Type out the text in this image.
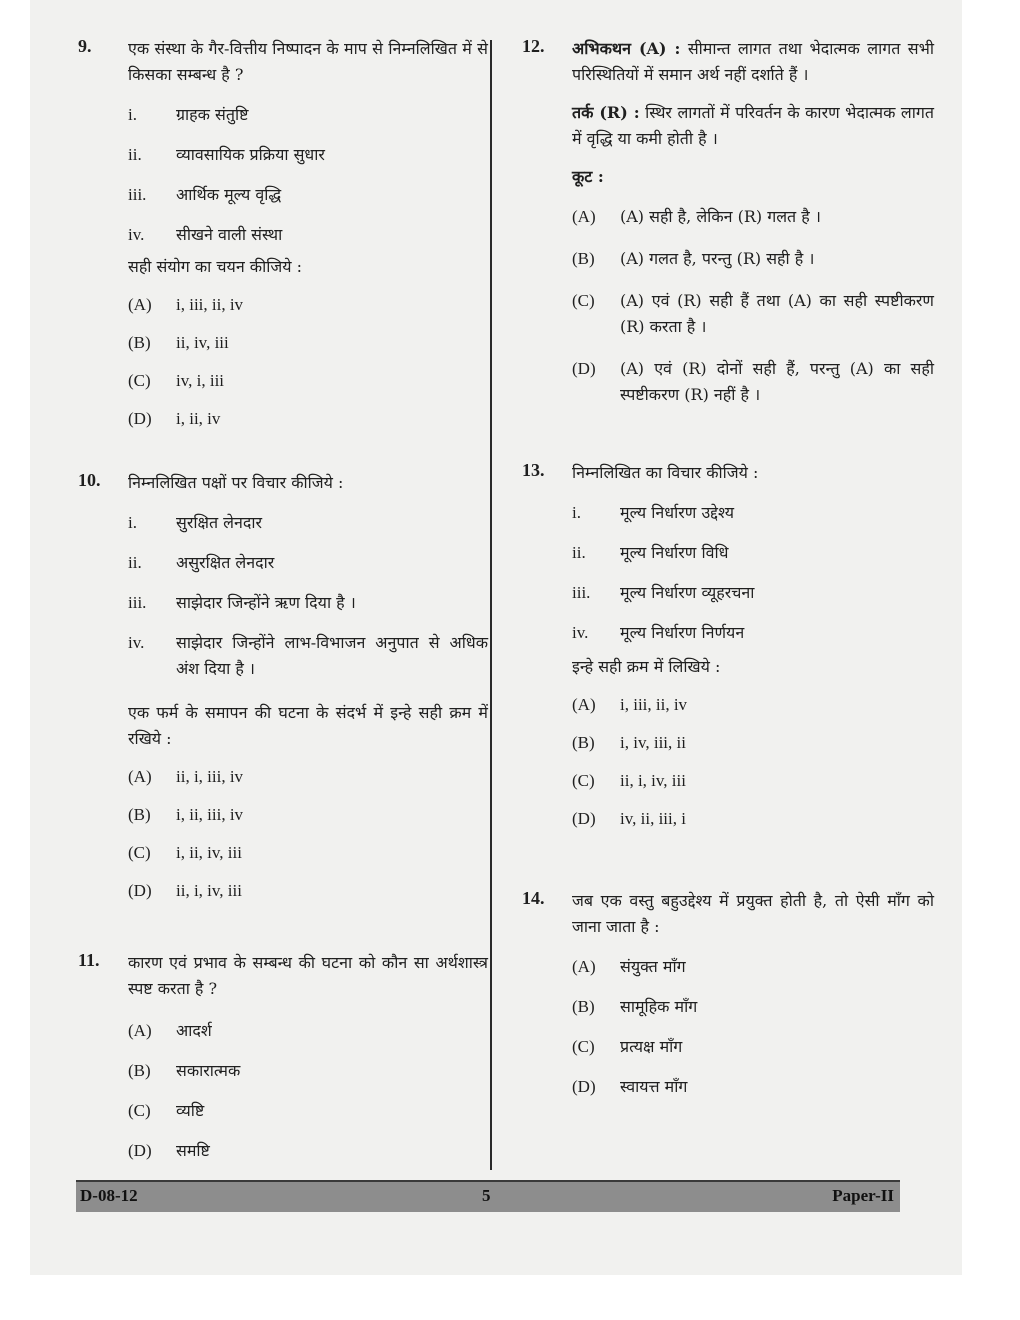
9. एक संस्था के गैर-वित्तीय निष्पादन के माप से निम्नलिखित में से किसका सम्बन्ध है ?
i. ग्राहक संतुष्टि
ii. व्यावसायिक प्रक्रिया सुधार
iii. आर्थिक मूल्य वृद्धि
iv. सीखने वाली संस्था
सही संयोग का चयन कीजिये :
(A) i, iii, ii, iv
(B) ii, iv, iii
(C) iv, i, iii
(D) i, ii, iv
10. निम्नलिखित पक्षों पर विचार कीजिये :
i. सुरक्षित लेनदार
ii. असुरक्षित लेनदार
iii. साझेदार जिन्होंने ऋण दिया है ।
iv. साझेदार जिन्होंने लाभ-विभाजन अनुपात से अधिक अंश दिया है ।
एक फर्म के समापन की घटना के संदर्भ में इन्हे सही क्रम में रखिये :
(A) ii, i, iii, iv
(B) i, ii, iii, iv
(C) i, ii, iv, iii
(D) ii, i, iv, iii
11. कारण एवं प्रभाव के सम्बन्ध की घटना को कौन सा अर्थशास्त्र स्पष्ट करता है ?
(A) आदर्श
(B) सकारात्मक
(C) व्यष्टि
(D) समष्टि
12. अभिकथन (A) : सीमान्त लागत तथा भेदात्मक लागत सभी परिस्थितियों में समान अर्थ नहीं दर्शाते हैं ।
तर्क (R) : स्थिर लागतों में परिवर्तन के कारण भेदात्मक लागत में वृद्धि या कमी होती है ।
कूट :
(A) (A) सही है, लेकिन (R) गलत है ।
(B) (A) गलत है, परन्तु (R) सही है ।
(C) (A) एवं (R) सही हैं तथा (A) का सही स्पष्टीकरण (R) करता है ।
(D) (A) एवं (R) दोनों सही हैं, परन्तु (A) का सही स्पष्टीकरण (R) नहीं है ।
13. निम्नलिखित का विचार कीजिये :
i. मूल्य निर्धारण उद्देश्य
ii. मूल्य निर्धारण विधि
iii. मूल्य निर्धारण व्यूहरचना
iv. मूल्य निर्धारण निर्णयन
इन्हे सही क्रम में लिखिये :
(A) i, iii, ii, iv
(B) i, iv, iii, ii
(C) ii, i, iv, iii
(D) iv, ii, iii, i
14. जब एक वस्तु बहुउद्देश्य में प्रयुक्त होती है, तो ऐसी माँग को जाना जाता है :
(A) संयुक्त माँग
(B) सामूहिक माँग
(C) प्रत्यक्ष माँग
(D) स्वायत्त माँग
D-08-12	5	Paper-II
